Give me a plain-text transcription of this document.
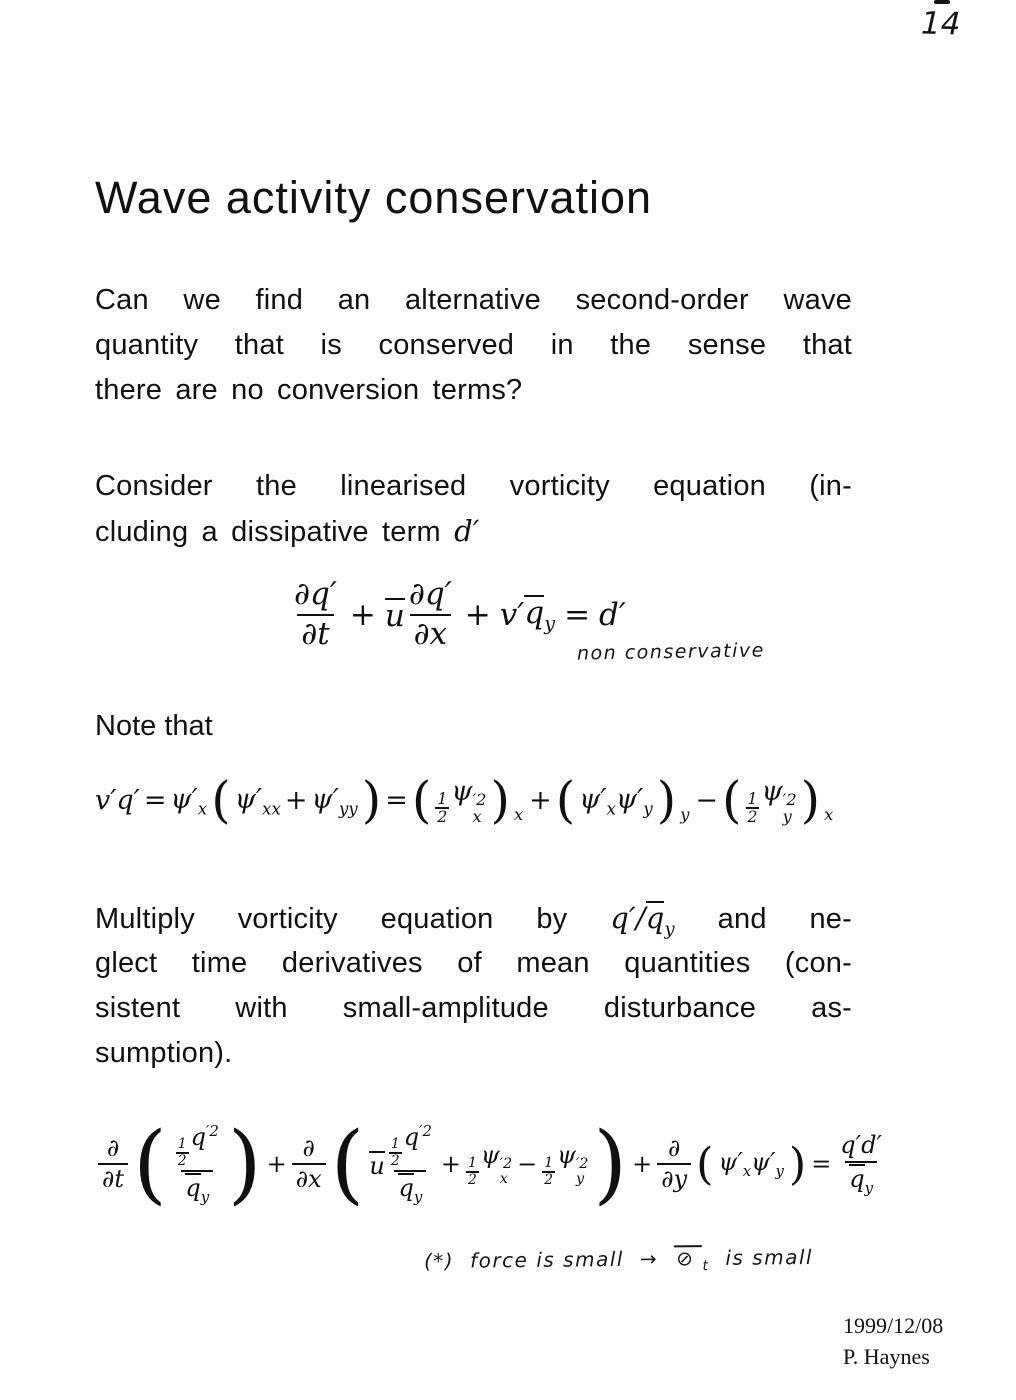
14
Wave activity conservation
Can we find an alternative second-order wave
quantity that is conserved in the sense that
there are no conversion terms?
Consider the linearised vorticity equation (in-
cluding a dissipative term d′
$\frac{\partial q'}{\partial t} + u \frac{\partial q'}{\partial x} + v'$ $q_y = d'$
non conservative
Note that
$v'q' = \psi'_x$ ( $\psi'_{xx} + \psi'_{yy}$ ) = ( $\frac{1}{2}$ ψ ′2
x )$_x$ + ( $\psi'_x\psi'_y$ )$_y$ − ( $\frac{1}{2}$ ψ ′2
y )$_x$
Multiply vorticity equation by $q'/q_y$ and ne-
glect time derivatives of mean quantities (con-
sistent with small-amplitude disturbance as-
sumption).
$\frac{\partial}{\partial t}$ ( $\frac{1}{2}$
$q^{'2}$
$q_y$ ) + $\frac{\partial}{\partial x}$ ( u $\frac{1}{2}$
$q^{'2}$
$q_y + \frac{1}{2}$
ψ ′2
x
− $\frac{1}{2}$
ψ ′2
y ) + $\frac{\partial}{\partial y}$ ( $\psi'_x\psi'_y$ ) = $\frac{q'd'}{q_y}$
(*) force is small → ⊘ $_t$ is small
1999/12/08
P. Haynes
